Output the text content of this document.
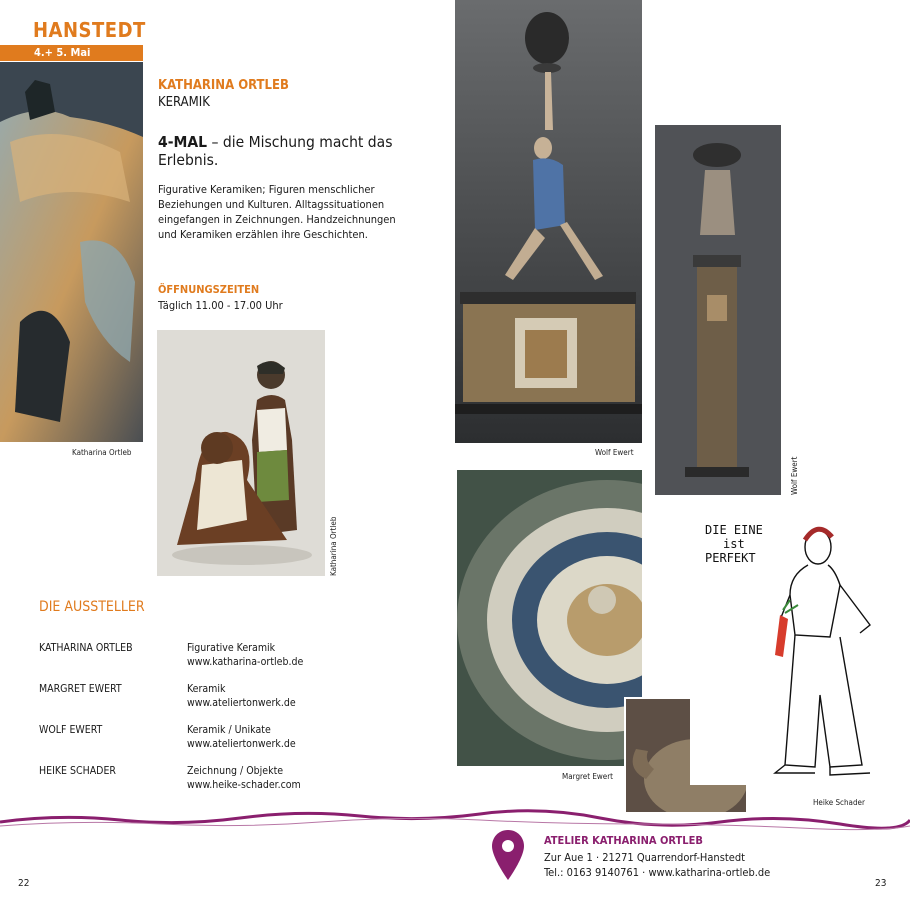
HANSTEDT
4.+ 5. Mai
Katharina Ortleb
KATHARINA ORTLEB
KERAMIK
4-MAL – die Mischung macht das Erlebnis.
Figurative Keramiken; Figuren menschlicher Beziehungen und Kulturen. Alltagssituationen eingefangen in Zeichnungen. Handzeichnungen und Keramiken erzählen ihre Geschichten.
ÖFFNUNGSZEITEN
Täglich 11.00 - 17.00 Uhr
Katharina Ortleb
Wolf Ewert
Wolf Ewert
Margret Ewert
DIE EINE
ist
PERFEKT
Heike Schader
DIE AUSSTELLER
KATHARINA ORTLEB	Figurative Keramik
www.katharina-ortleb.de
MARGRET EWERT	Keramik
www.ateliertonwerk.de
WOLF EWERT	Keramik / Unikate
www.ateliertonwerk.de
HEIKE SCHADER	Zeichnung / Objekte
www.heike-schader.com
ATELIER KATHARINA ORTLEB
Zur Aue 1 · 21271 Quarrendorf-Hanstedt
Tel.: 0163 9140761 · www.katharina-ortleb.de
22	23
